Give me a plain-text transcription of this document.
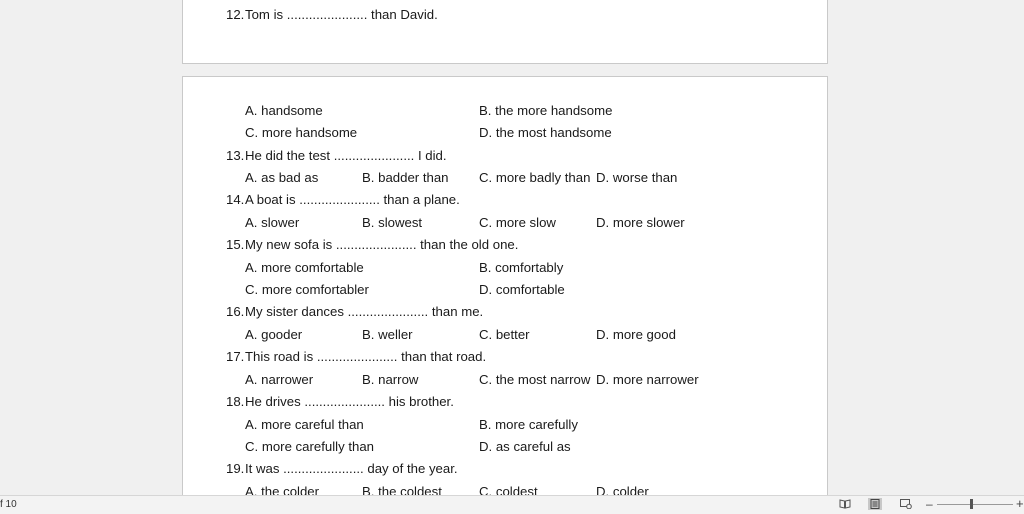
12. Tom is ...................... than David.
A. handsome	B. the more handsome
C. more handsome	D. the most handsome
13. He did the test ...................... I did.
A. as bad as	B. badder than C. more badly than D. worse than
14. A boat is ...................... than a plane.
A. slower	B. slowest	C. more slow	D. more slower
15. My new sofa is ...................... than the old one.
A. more comfortable	B. comfortably
C. more comfortabler	D. comfortable
16. My sister dances ...................... than me.
A. gooder	B. weller	C. better	D. more good
17. This road is ...................... than that road.
A. narrower	B. narrow	C. the most narrow D. more narrower
18. He drives ...................... his brother.
A. more careful than	B. more carefully
C. more carefully than	D. as careful as
19. It was ...................... day of the year.
A. the colder	B. the coldest	C. coldest	D. colder
f 10	–	+
